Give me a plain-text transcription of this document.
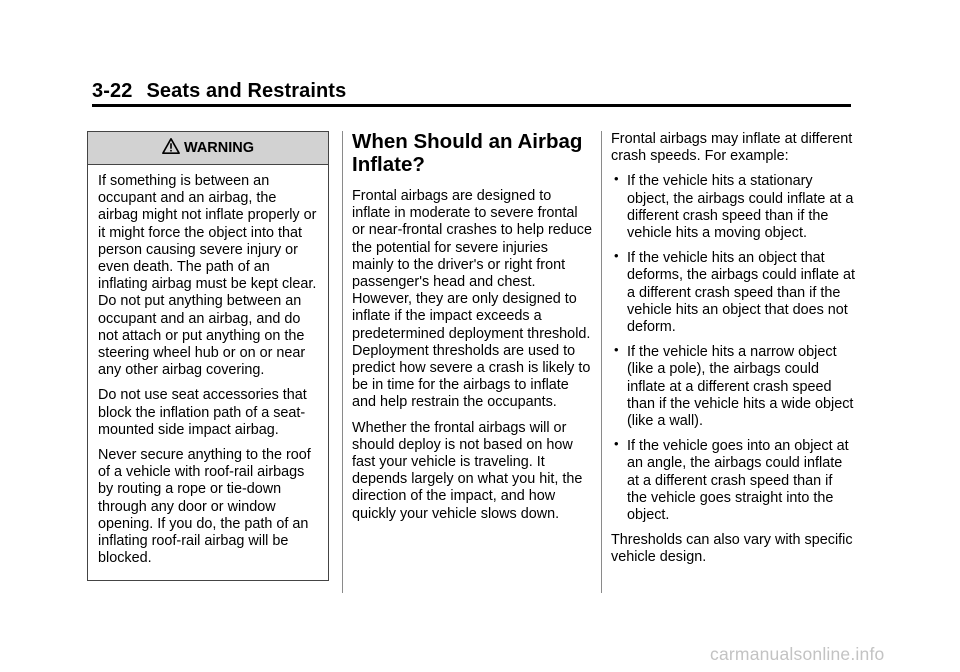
3-22 Seats and Restraints
WARNING

If something is between an occupant and an airbag, the airbag might not inflate properly or it might force the object into that person causing severe injury or even death. The path of an inflating airbag must be kept clear. Do not put anything between an occupant and an airbag, and do not attach or put anything on the steering wheel hub or on or near any other airbag covering.

Do not use seat accessories that block the inflation path of a seat-mounted side impact airbag.

Never secure anything to the roof of a vehicle with roof-rail airbags by routing a rope or tie-down through any door or window opening. If you do, the path of an inflating roof-rail airbag will be blocked.

When Should an Airbag Inflate?

Frontal airbags are designed to inflate in moderate to severe frontal or near-frontal crashes to help reduce the potential for severe injuries mainly to the driver's or right front passenger's head and chest. However, they are only designed to inflate if the impact exceeds a predetermined deployment threshold. Deployment thresholds are used to predict how severe a crash is likely to be in time for the airbags to inflate and help restrain the occupants.

Whether the frontal airbags will or should deploy is not based on how fast your vehicle is traveling. It depends largely on what you hit, the direction of the impact, and how quickly your vehicle slows down.

Frontal airbags may inflate at different crash speeds. For example:

• If the vehicle hits a stationary object, the airbags could inflate at a different crash speed than if the vehicle hits a moving object.
• If the vehicle hits an object that deforms, the airbags could inflate at a different crash speed than if the vehicle hits an object that does not deform.
• If the vehicle hits a narrow object (like a pole), the airbags could inflate at a different crash speed than if the vehicle hits a wide object (like a wall).
• If the vehicle goes into an object at an angle, the airbags could inflate at a different crash speed than if the vehicle goes straight into the object.

Thresholds can also vary with specific vehicle design.

carmanualsonline.info
